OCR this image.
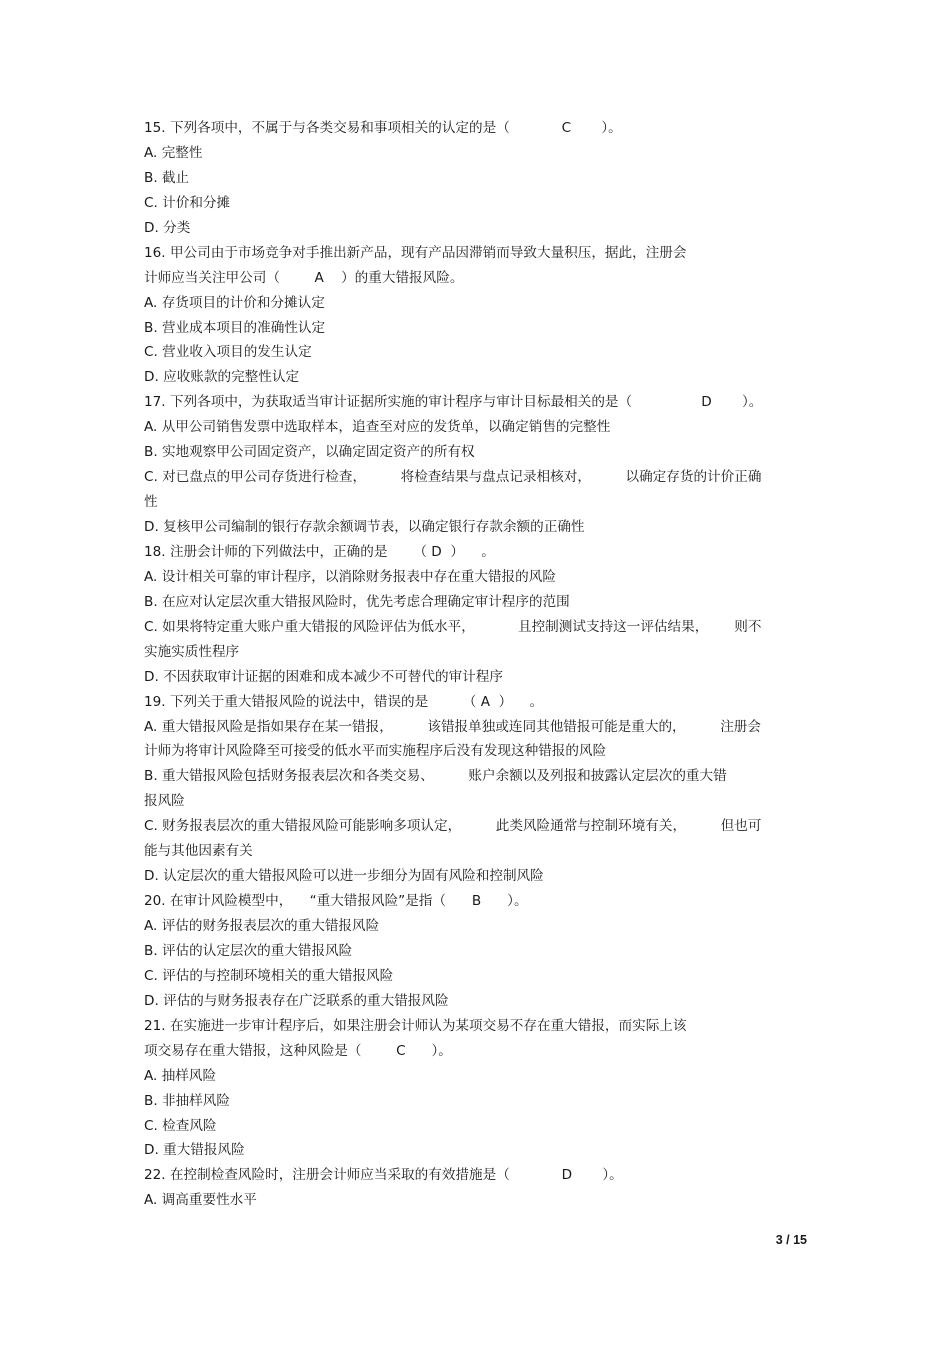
15. 下列各项中，不属于与各类交易和事项相关的认定的是（            C       ）。
A. 完整性
B. 截止
C. 计价和分摊
D. 分类
16. 甲公司由于市场竞争对手推出新产品，现有产品因滞销而导致大量积压，据此，注册会
计师应当关注甲公司（        A    ）的重大错报风险。
A. 存货项目的计价和分摊认定
B. 营业成本项目的准确性认定
C. 营业收入项目的发生认定
D. 应收账款的完整性认定
17. 下列各项中，为获取适当审计证据所实施的审计程序与审计目标最相关的是（                D       ）。
A. 从甲公司销售发票中选取样本，追查至对应的发货单，以确定销售的完整性
B. 实地观察甲公司固定资产，以确定固定资产的所有权
C. 对已盘点的甲公司存货进行检查，        将检查结果与盘点记录相核对，        以确定存货的计价正确
性
D. 复核甲公司编制的银行存款余额调节表，以确定银行存款余额的正确性
18. 注册会计师的下列做法中，正确的是      （ D  ）    。
A. 设计相关可靠的审计程序，以消除财务报表中存在重大错报的风险
B. 在应对认定层次重大错报风险时，优先考虑合理确定审计程序的范围
C. 如果将特定重大账户重大错报的风险评估为低水平，          且控制测试支持这一评估结果，      则不
实施实质性程序
D. 不因获取审计证据的困难和成本减少不可替代的审计程序
19. 下列关于重大错报风险的说法中，错误的是        （ A  ）    。
A. 重大错报风险是指如果存在某一错报，        该错报单独或连同其他错报可能是重大的，        注册会
计师为将审计风险降至可接受的低水平而实施程序后没有发现这种错报的风险
B. 重大错报风险包括财务报表层次和各类交易、        账户余额以及列报和披露认定层次的重大错
报风险
C. 财务报表层次的重大错报风险可能影响多项认定，        此类风险通常与控制环境有关，        但也可
能与其他因素有关
D. 认定层次的重大错报风险可以进一步细分为固有风险和控制风险
20. 在审计风险模型中，    “重大错报风险”是指（      B      ）。
A. 评估的财务报表层次的重大错报风险
B. 评估的认定层次的重大错报风险
C. 评估的与控制环境相关的重大错报风险
D. 评估的与财务报表存在广泛联系的重大错报风险
21. 在实施进一步审计程序后，如果注册会计师认为某项交易不存在重大错报，而实际上该
项交易存在重大错报，这种风险是（        C      ）。
A. 抽样风险
B. 非抽样风险
C. 检查风险
D. 重大错报风险
22. 在控制检查风险时，注册会计师应当采取的有效措施是（            D       ）。
A. 调高重要性水平
3 / 15
